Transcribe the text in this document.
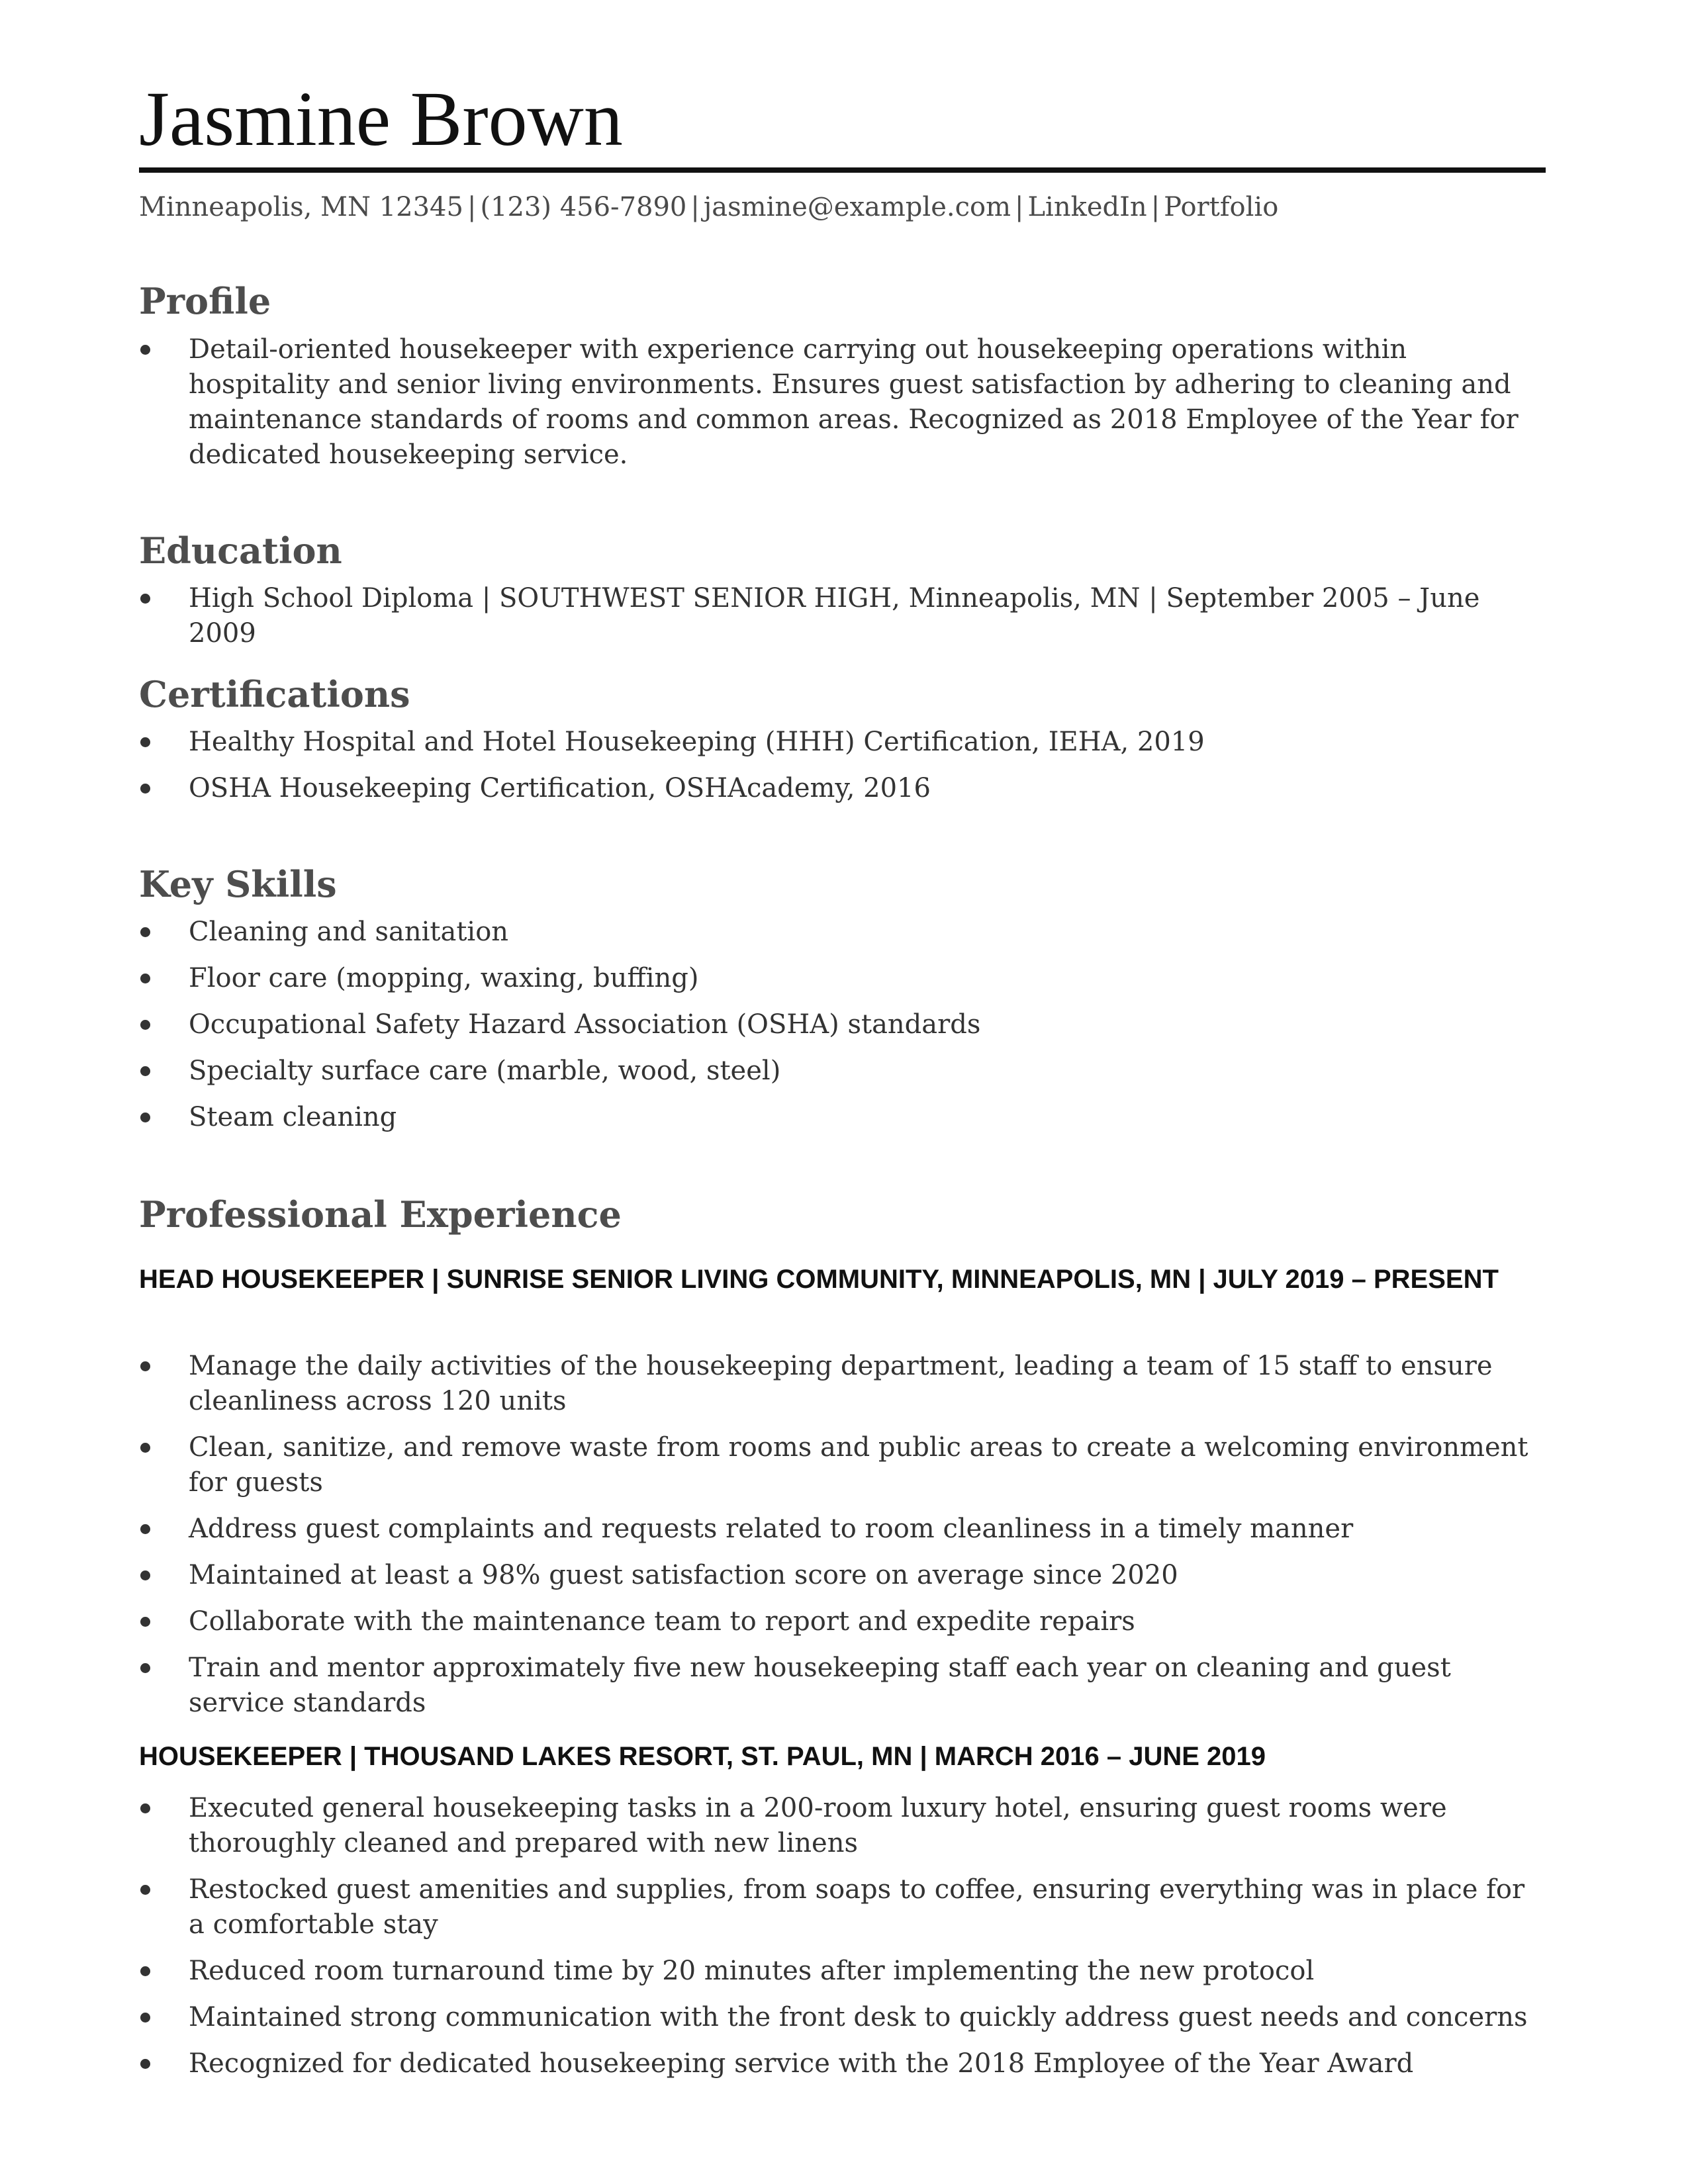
Jasmine Brown
Minneapolis, MN 12345 | (123) 456-7890 | jasmine@example.com | LinkedIn | Portfolio
Profile
Detail-oriented housekeeper with experience carrying out housekeeping operations within hospitality and senior living environments. Ensures guest satisfaction by adhering to cleaning and maintenance standards of rooms and common areas. Recognized as 2018 Employee of the Year for dedicated housekeeping service.
Education
High School Diploma | SOUTHWEST SENIOR HIGH, Minneapolis, MN | September 2005 – June 2009
Certifications
Healthy Hospital and Hotel Housekeeping (HHH) Certification, IEHA, 2019
OSHA Housekeeping Certification, OSHAcademy, 2016
Key Skills
Cleaning and sanitation
Floor care (mopping, waxing, buffing)
Occupational Safety Hazard Association (OSHA) standards
Specialty surface care (marble, wood, steel)
Steam cleaning
Professional Experience
HEAD HOUSEKEEPER | SUNRISE SENIOR LIVING COMMUNITY, MINNEAPOLIS, MN | JULY 2019 – PRESENT
Manage the daily activities of the housekeeping department, leading a team of 15 staff to ensure cleanliness across 120 units
Clean, sanitize, and remove waste from rooms and public areas to create a welcoming environment for guests
Address guest complaints and requests related to room cleanliness in a timely manner
Maintained at least a 98% guest satisfaction score on average since 2020
Collaborate with the maintenance team to report and expedite repairs
Train and mentor approximately five new housekeeping staff each year on cleaning and guest service standards
HOUSEKEEPER | THOUSAND LAKES RESORT, ST. PAUL, MN | MARCH 2016 – JUNE 2019
Executed general housekeeping tasks in a 200-room luxury hotel, ensuring guest rooms were thoroughly cleaned and prepared with new linens
Restocked guest amenities and supplies, from soaps to coffee, ensuring everything was in place for a comfortable stay
Reduced room turnaround time by 20 minutes after implementing the new protocol
Maintained strong communication with the front desk to quickly address guest needs and concerns
Recognized for dedicated housekeeping service with the 2018 Employee of the Year Award
